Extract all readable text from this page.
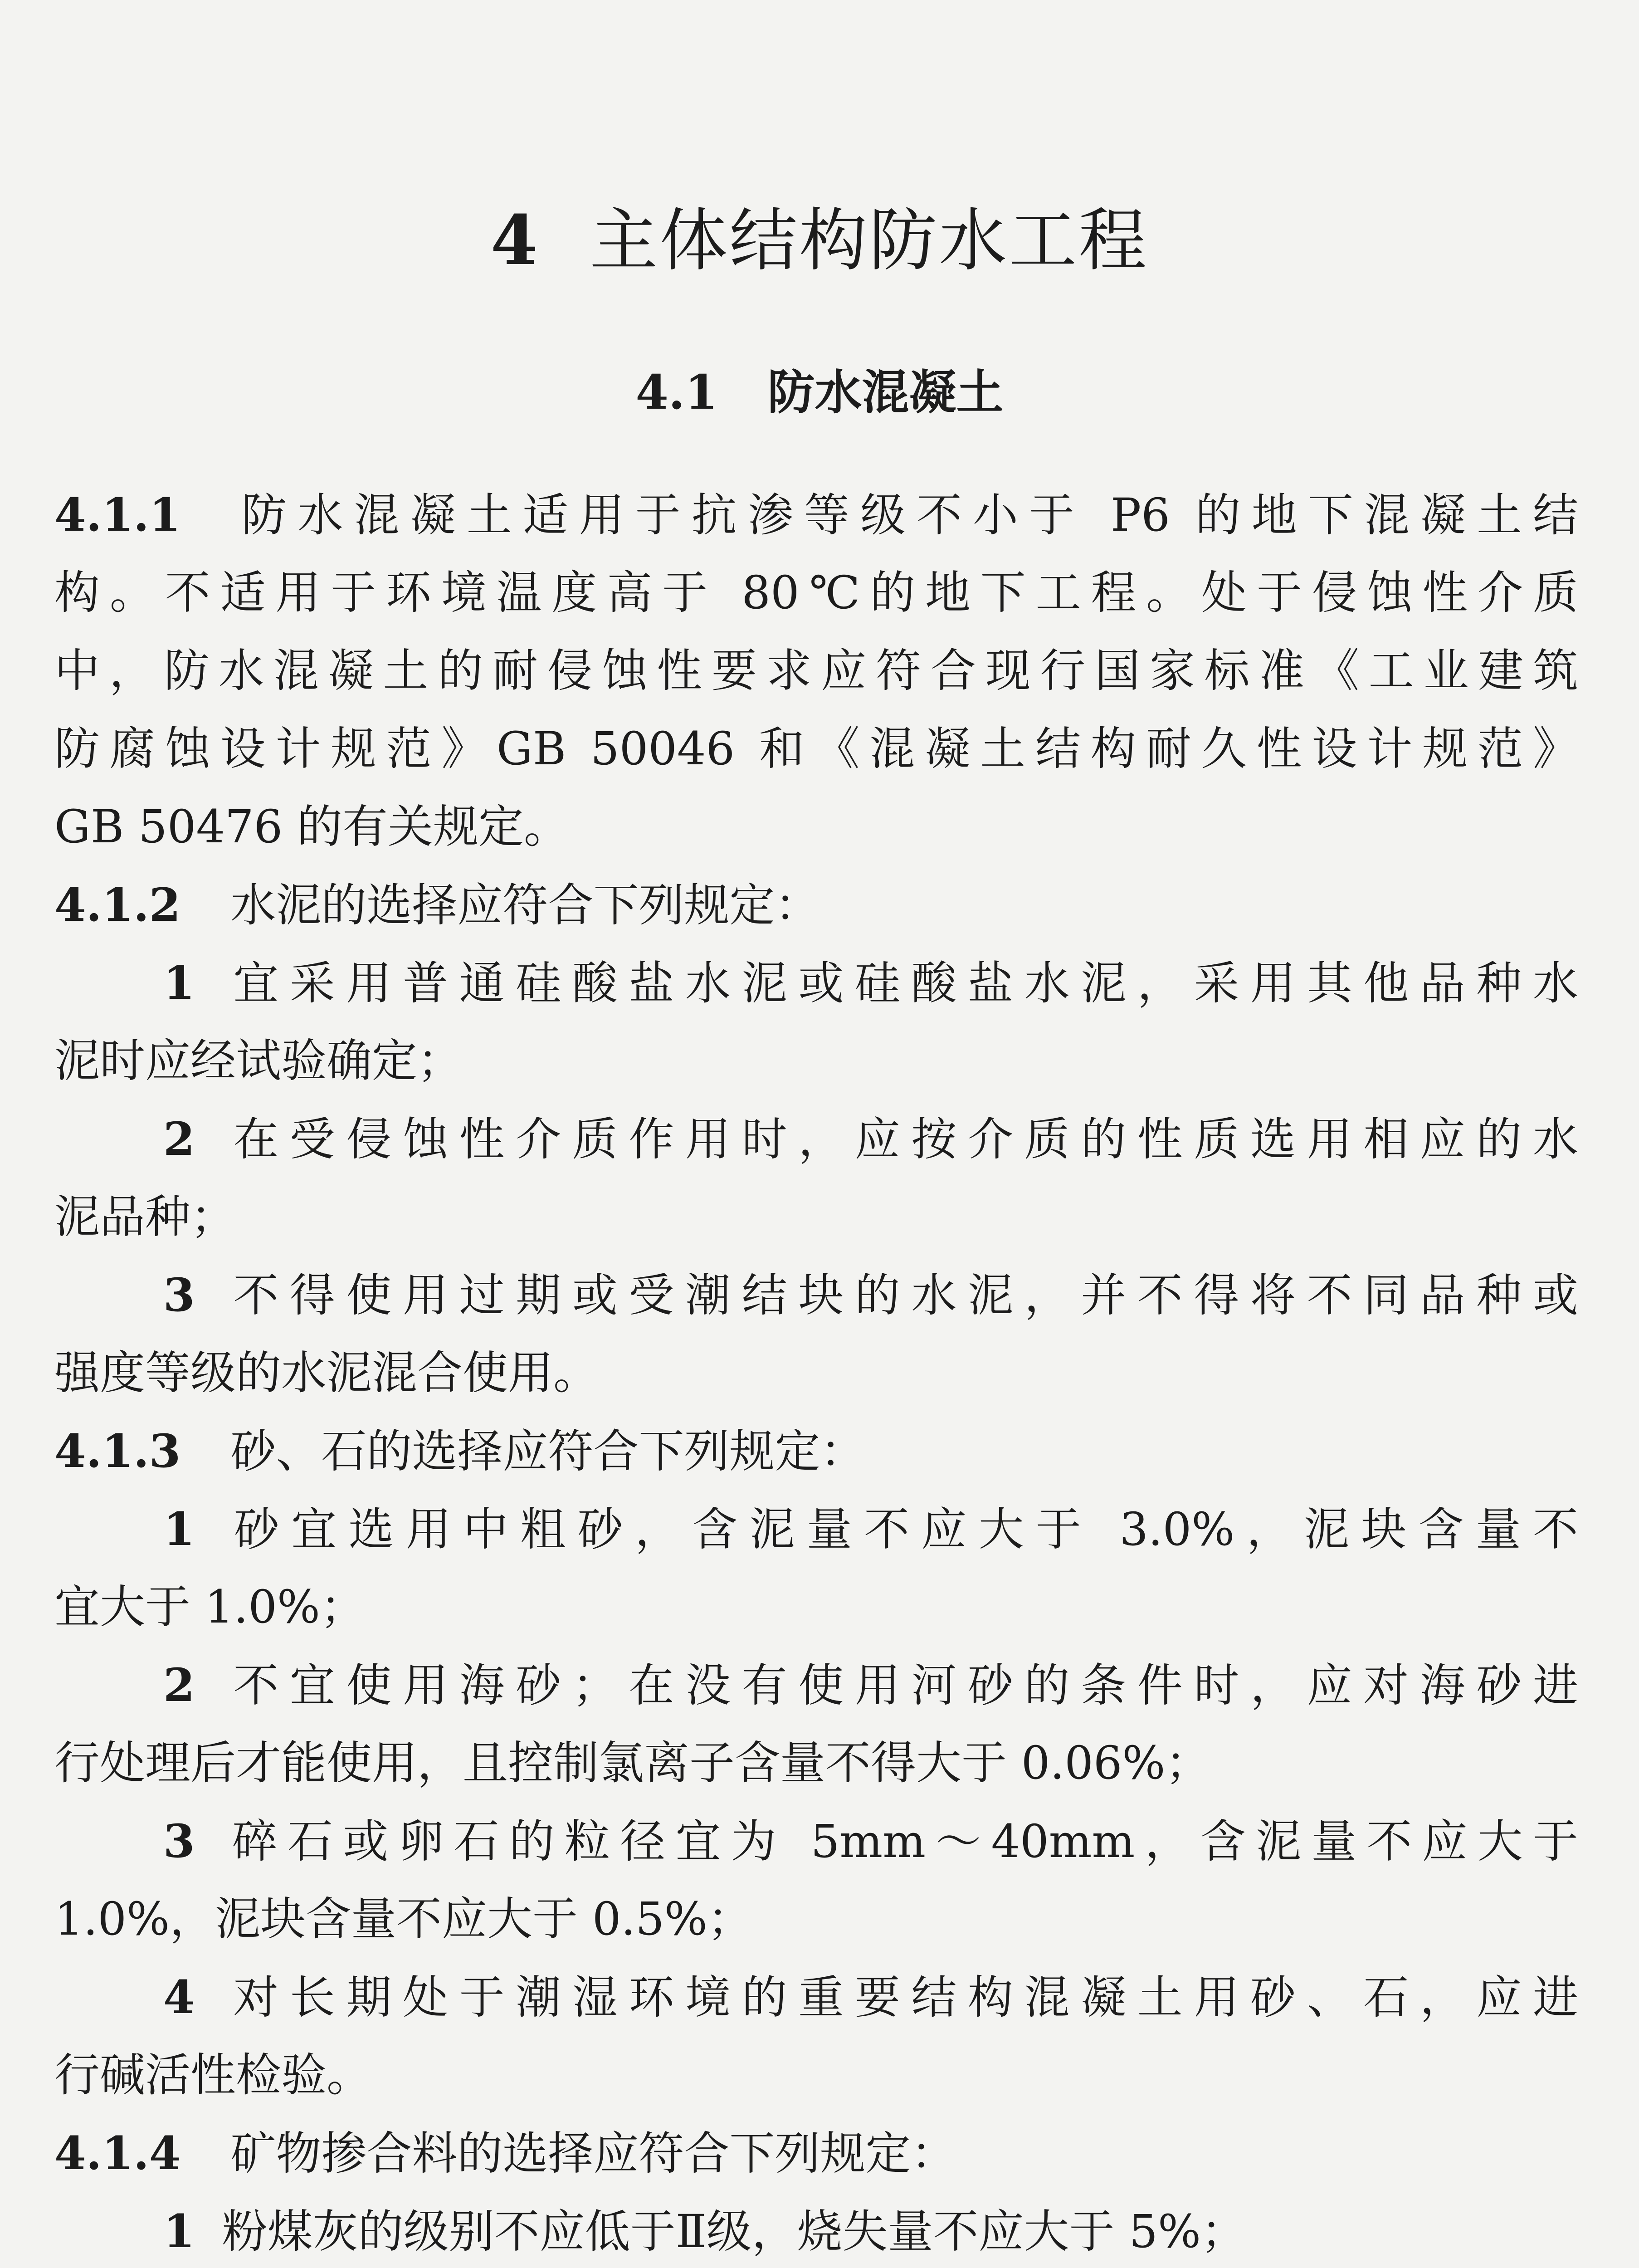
4 主体结构防水工程
4.1 防水混凝土
4.1.1 防水混凝土适用于抗渗等级不小于 P6 的地下混凝土结
构。不适用于环境温度高于 80℃的地下工程。处于侵蚀性介质
中，防水混凝土的耐侵蚀性要求应符合现行国家标准《工业建筑
防腐蚀设计规范》GB 50046 和《混凝土结构耐久性设计规范》
GB 50476 的有关规定。
4.1.2 水泥的选择应符合下列规定：
1 宜采用普通硅酸盐水泥或硅酸盐水泥，采用其他品种水
泥时应经试验确定；
2 在受侵蚀性介质作用时，应按介质的性质选用相应的水
泥品种；
3 不得使用过期或受潮结块的水泥，并不得将不同品种或
强度等级的水泥混合使用。
4.1.3 砂、石的选择应符合下列规定：
1 砂宜选用中粗砂，含泥量不应大于 3.0%，泥块含量不
宜大于 1.0%；
2 不宜使用海砂；在没有使用河砂的条件时，应对海砂进
行处理后才能使用，且控制氯离子含量不得大于 0.06%；
3 碎石或卵石的粒径宜为 5mm～40mm，含泥量不应大于
1.0%，泥块含量不应大于 0.5%；
4 对长期处于潮湿环境的重要结构混凝土用砂、石，应进
行碱活性检验。
4.1.4 矿物掺合料的选择应符合下列规定：
1 粉煤灰的级别不应低于Ⅱ级，烧失量不应大于 5%；
